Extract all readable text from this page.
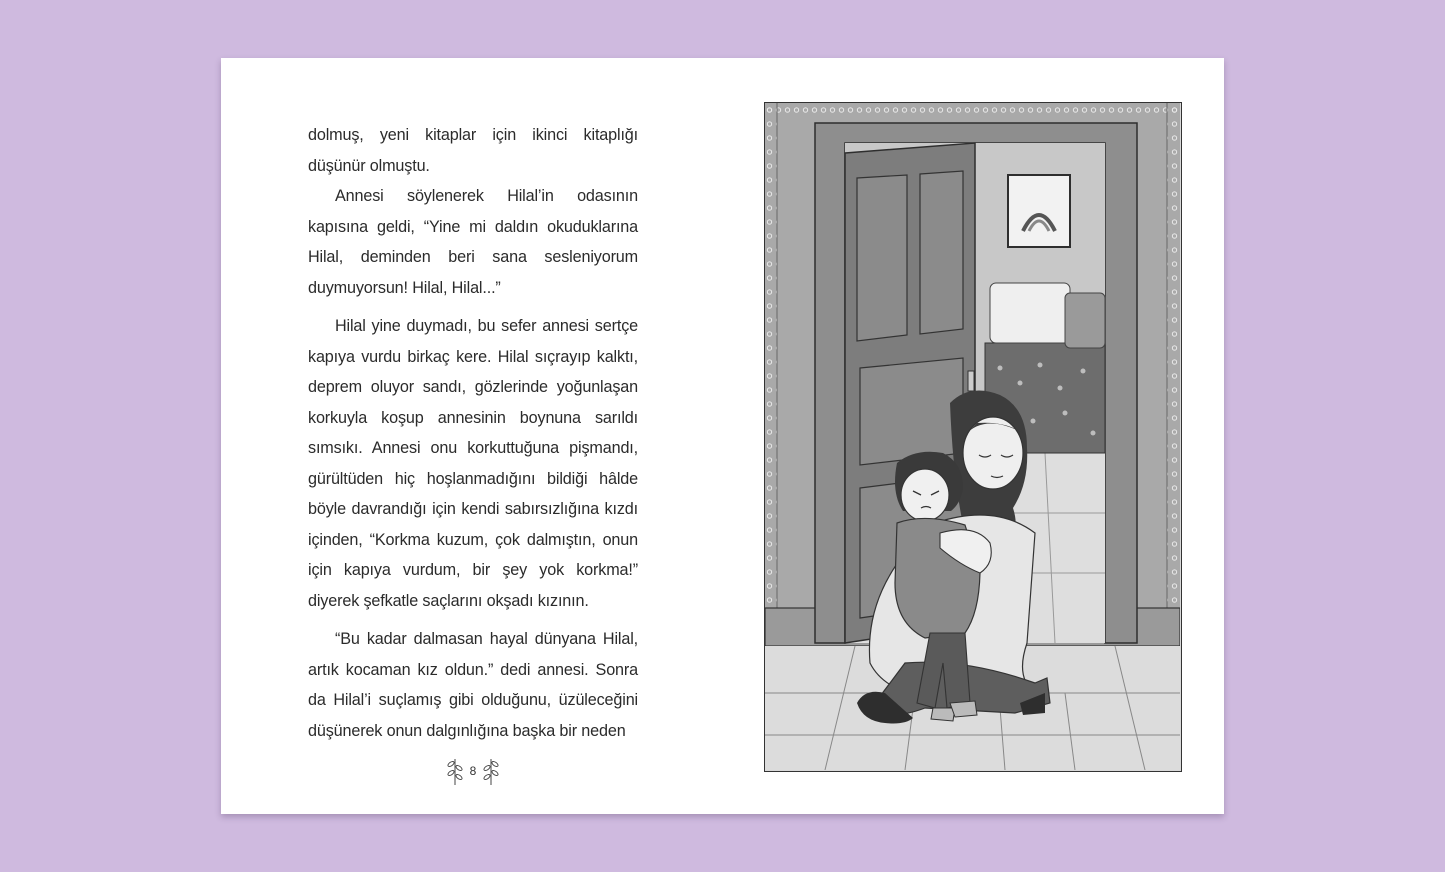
dolmuş, yeni kitaplar için ikinci kitaplığı düşünür olmuştu.

Annesi söylenerek Hilal’in odasının kapısına geldi, “Yine mi daldın okuduklarına Hilal, deminden beri sana sesleniyorum duymuyorsun! Hilal, Hilal...”

Hilal yine duymadı, bu sefer annesi sertçe kapıya vurdu birkaç kere. Hilal sıçrayıp kalktı, deprem oluyor sandı, gözlerinde yoğunlaşan korkuyla koşup annesinin boynuna sarıldı sımsıkı. Annesi onu korkuttuğuna pişmandı, gürültüden hiç hoşlanmadığını bildiği hâlde böyle davrandığı için kendi sabırsızlığına kızdı içinden, “Korkma kuzum, çok dalmıştın, onun için kapıya vurdum, bir şey yok korkma!” diyerek şefkatle saçlarını okşadı kızının.

“Bu kadar dalmasan hayal dünyana Hilal, artık kocaman kız oldun.” dedi annesi. Sonra da Hilal’i suçlamış gibi olduğunu, üzüleceğini düşünerek onun dalgınlığına başka bir neden

8
